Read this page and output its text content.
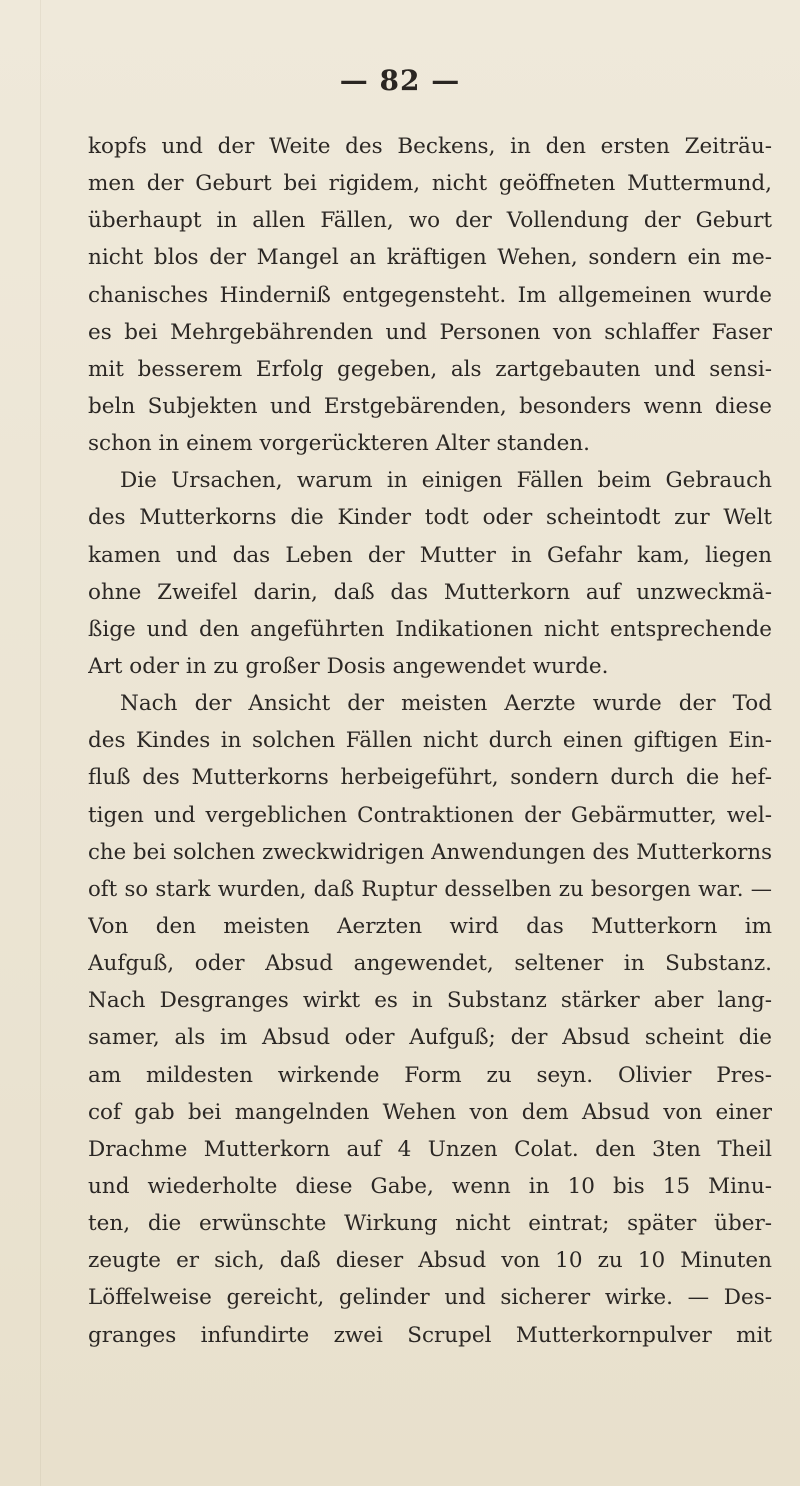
— 82 —
kopfs und der Weite des Beckens, in den ersten Zeiträu-
men der Geburt bei rigidem, nicht geöffneten Muttermund,
überhaupt in allen Fällen, wo der Vollendung der Geburt
nicht blos der Mangel an kräftigen Wehen, sondern ein me-
chanisches Hinderniß entgegensteht. Im allgemeinen wurde
es bei Mehrgebährenden und Personen von schlaffer Faser
mit besserem Erfolg gegeben, als zartgebauten und sensi-
beln Subjekten und Erstgebärenden, besonders wenn diese
schon in einem vorgerückteren Alter standen.
Die Ursachen, warum in einigen Fällen beim Gebrauch
des Mutterkorns die Kinder todt oder scheintodt zur Welt
kamen und das Leben der Mutter in Gefahr kam, liegen
ohne Zweifel darin, daß das Mutterkorn auf unzweckmä-
ßige und den angeführten Indikationen nicht entsprechende
Art oder in zu großer Dosis angewendet wurde.
Nach der Ansicht der meisten Aerzte wurde der Tod
des Kindes in solchen Fällen nicht durch einen giftigen Ein-
fluß des Mutterkorns herbeigeführt, sondern durch die hef-
tigen und vergeblichen Contraktionen der Gebärmutter, wel-
che bei solchen zweckwidrigen Anwendungen des Mutterkorns
oft so stark wurden, daß Ruptur desselben zu besorgen war. —
Von den meisten Aerzten wird das Mutterkorn im
Aufguß, oder Absud angewendet, seltener in Substanz.
Nach Desgranges wirkt es in Substanz stärker aber lang-
samer, als im Absud oder Aufguß; der Absud scheint die
am mildesten wirkende Form zu seyn. Olivier Pres-
cof gab bei mangelnden Wehen von dem Absud von einer
Drachme Mutterkorn auf 4 Unzen Colat. den 3ten Theil
und wiederholte diese Gabe, wenn in 10 bis 15 Minu-
ten, die erwünschte Wirkung nicht eintrat; später über-
zeugte er sich, daß dieser Absud von 10 zu 10 Minuten
Löffelweise gereicht, gelinder und sicherer wirke. — Des-
granges infundirte zwei Scrupel Mutterkornpulver mit
